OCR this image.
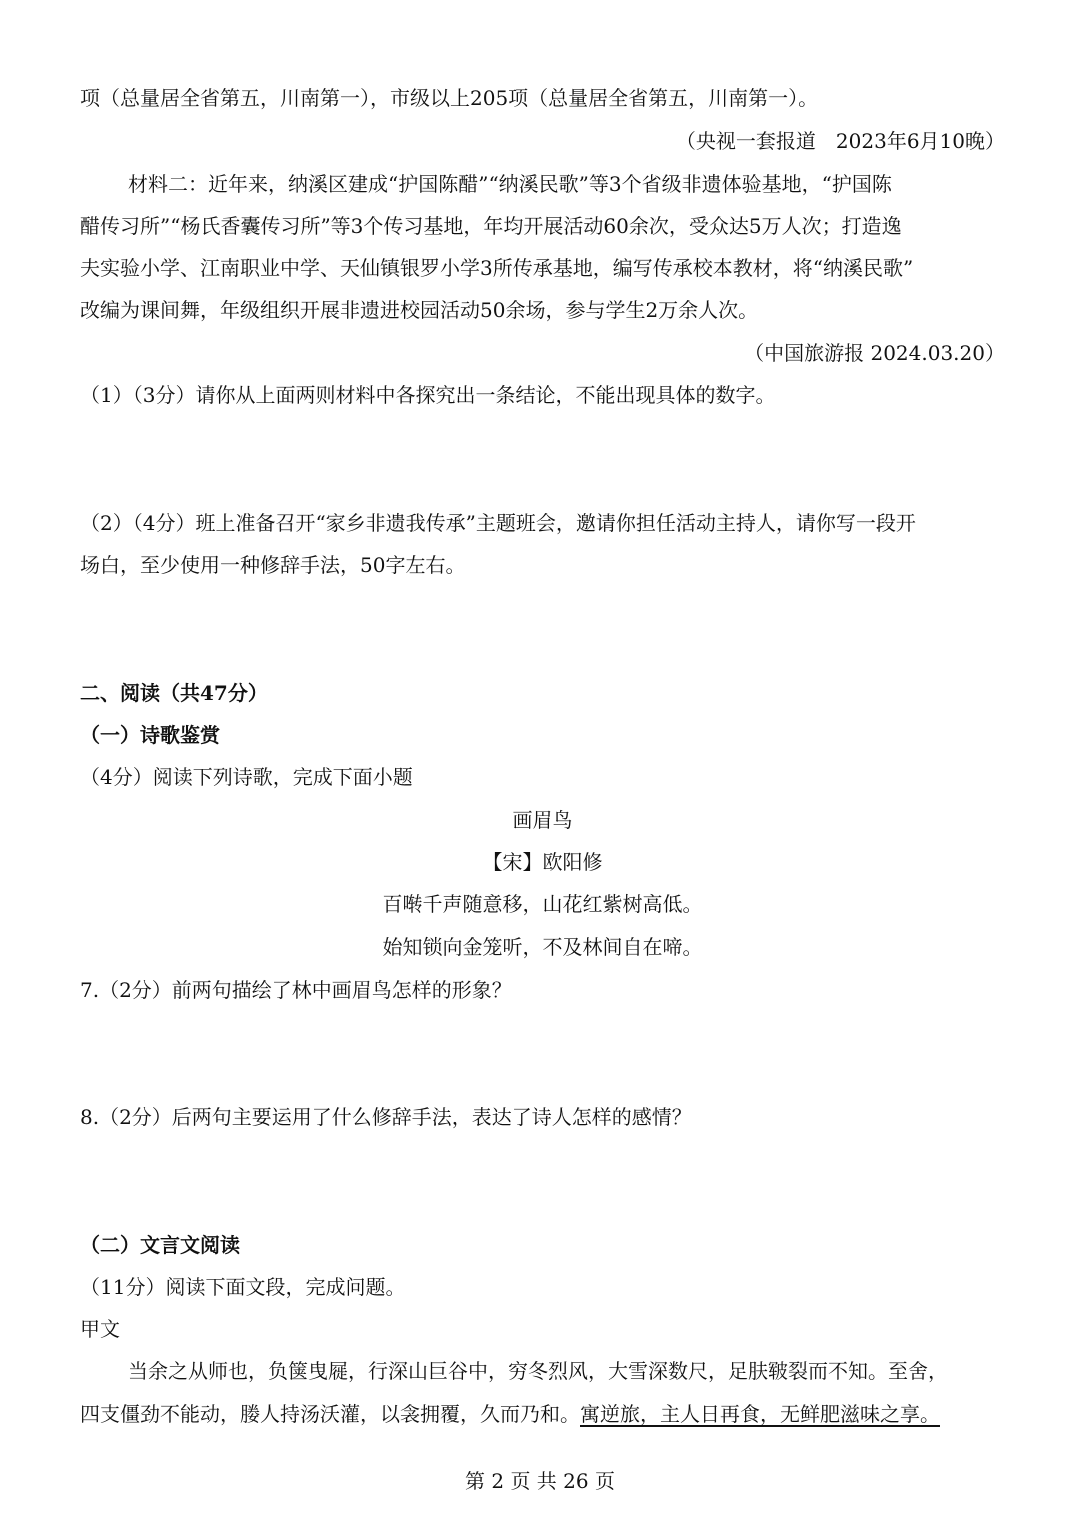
项（总量居全省第五，川南第一），市级以上205项（总量居全省第五，川南第一）。
（央视一套报道　2023年6月10晚）
材料二：近年来，纳溪区建成“护国陈醋”“纳溪民歌”等3个省级非遗体验基地，“护国陈
醋传习所”“杨氏香囊传习所”等3个传习基地，年均开展活动60余次，受众达5万人次；打造逸
夫实验小学、江南职业中学、天仙镇银罗小学3所传承基地，编写传承校本教材，将“纳溪民歌”
改编为课间舞，年级组织开展非遗进校园活动50余场，参与学生2万余人次。
（中国旅游报 2024.03.20）
（1）（3分）请你从上面两则材料中各探究出一条结论，不能出现具体的数字。
（2）（4分）班上准备召开“家乡非遗我传承”主题班会，邀请你担任活动主持人，请你写一段开
场白，至少使用一种修辞手法，50字左右。
二、阅读（共47分）
（一）诗歌鉴赏
（4分）阅读下列诗歌，完成下面小题
画眉鸟
【宋】欧阳修
百啭千声随意移，山花红紫树高低。
始知锁向金笼听，不及林间自在啼。
7.（2分）前两句描绘了林中画眉鸟怎样的形象？
8.（2分）后两句主要运用了什么修辞手法，表达了诗人怎样的感情？
（二）文言文阅读
（11分）阅读下面文段，完成问题。
甲文
当余之从师也，负箧曳屣，行深山巨谷中，穷冬烈风，大雪深数尺，足肤皲裂而不知。至舍，
四支僵劲不能动，媵人持汤沃灌，以衾拥覆，久而乃和。寓逆旅，主人日再食，无鲜肥滋味之享。
第 2 页 共 26 页
